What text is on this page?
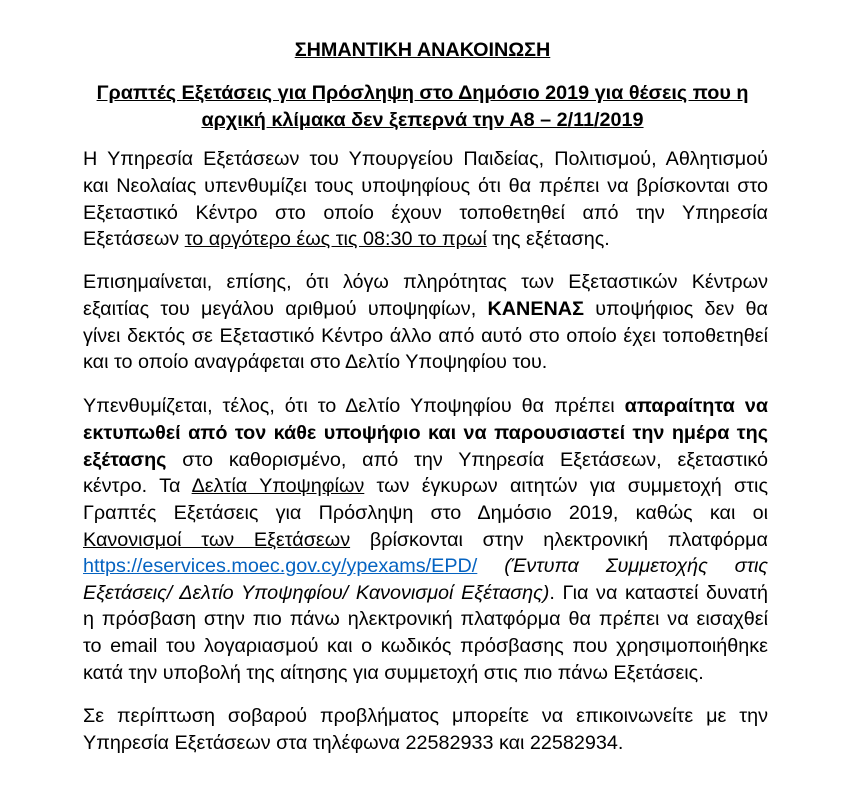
ΣΗΜΑΝΤΙΚΗ ΑΝΑΚΟΙΝΩΣΗ
Γραπτές Εξετάσεις για Πρόσληψη στο Δημόσιο 2019 για θέσεις που η
αρχική κλίμακα δεν ξεπερνά την Α8 – 2/11/2019
Η Υπηρεσία Εξετάσεων του Υπουργείου Παιδείας, Πολιτισμού, Αθλητισμού
και Νεολαίας υπενθυμίζει τους υποψηφίους ότι θα πρέπει να βρίσκονται στο
Εξεταστικό Κέντρο στο οποίο έχουν τοποθετηθεί από την Υπηρεσία
Εξετάσεων το αργότερο έως τις 08:30 το πρωί της εξέτασης.
Επισημαίνεται, επίσης, ότι λόγω πληρότητας των Εξεταστικών Κέντρων
εξαιτίας του μεγάλου αριθμού υποψηφίων, ΚΑΝΕΝΑΣ υποψήφιος δεν θα
γίνει δεκτός σε Εξεταστικό Κέντρο άλλο από αυτό στο οποίο έχει τοποθετηθεί
και το οποίο αναγράφεται στο Δελτίο Υποψηφίου του.
Υπενθυμίζεται, τέλος, ότι το Δελτίο Υποψηφίου θα πρέπει απαραίτητα να
εκτυπωθεί από τον κάθε υποψήφιο και να παρουσιαστεί την ημέρα της
εξέτασης στο καθορισμένο, από την Υπηρεσία Εξετάσεων, εξεταστικό
κέντρο. Τα Δελτία Υποψηφίων των έγκυρων αιτητών για συμμετοχή στις
Γραπτές Εξετάσεις για Πρόσληψη στο Δημόσιο 2019, καθώς και οι
Κανονισμοί των Εξετάσεων βρίσκονται στην ηλεκτρονική πλατφόρμα
https://eservices.moec.gov.cy/ypexams/EPD/ (Έντυπα Συμμετοχής στις
Εξετάσεις/ Δελτίο Υποψηφίου/ Κανονισμοί Εξέτασης). Για να καταστεί δυνατή
η πρόσβαση στην πιο πάνω ηλεκτρονική πλατφόρμα θα πρέπει να εισαχθεί
το email του λογαριασμού και ο κωδικός πρόσβασης που χρησιμοποιήθηκε
κατά την υποβολή της αίτησης για συμμετοχή στις πιο πάνω Εξετάσεις.
Σε περίπτωση σοβαρού προβλήματος μπορείτε να επικοινωνείτε με την
Υπηρεσία Εξετάσεων στα τηλέφωνα 22582933 και 22582934.
